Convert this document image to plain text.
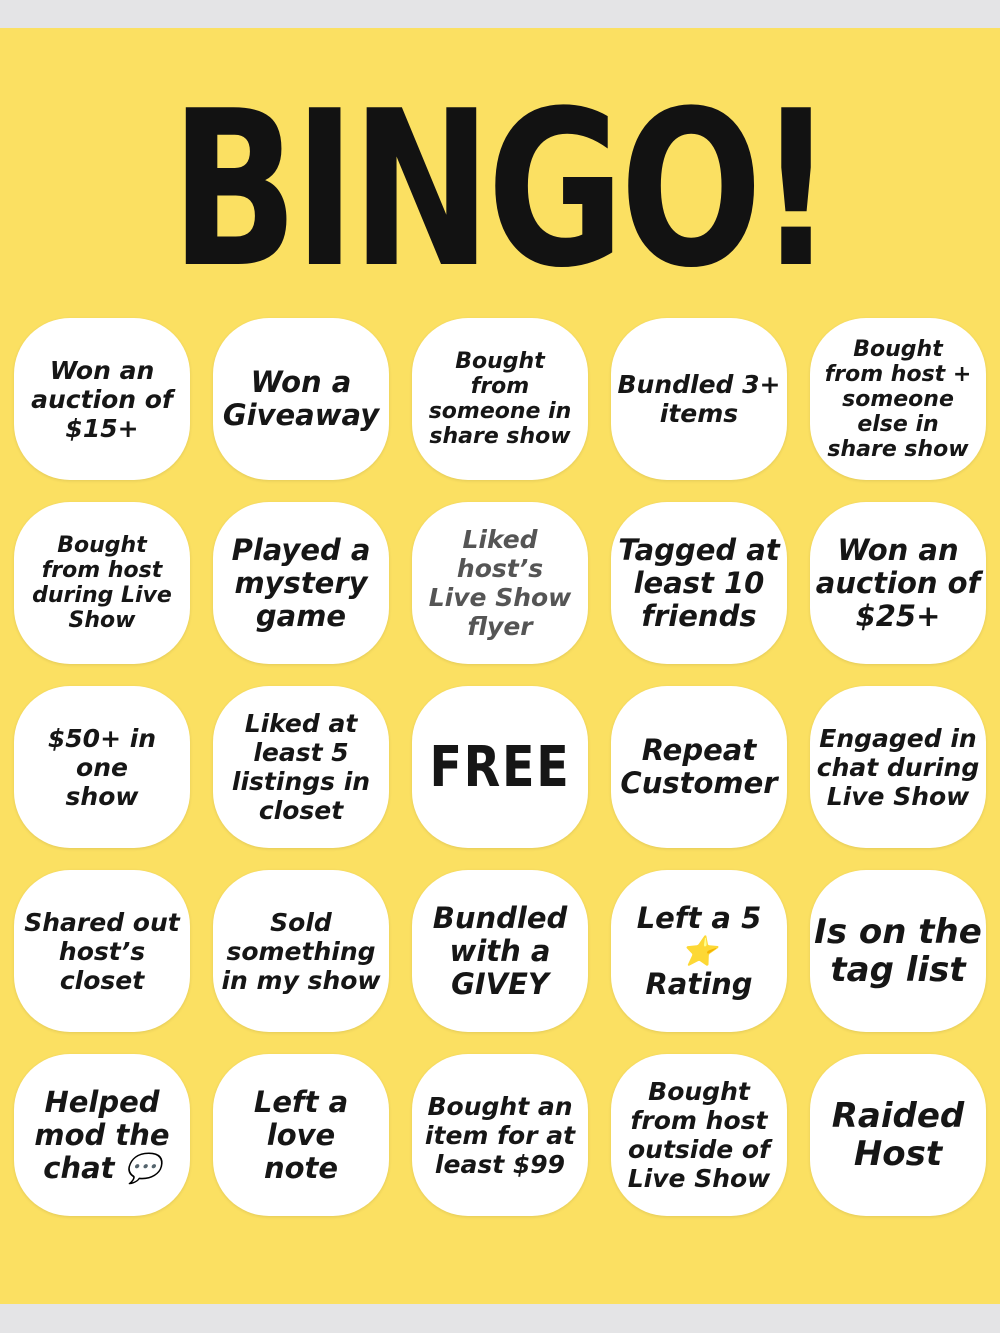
BINGO!
Won an
auction of
$15+
Won a
Giveaway
Bought
from
someone in
share show
Bundled 3+
items
Bought
from host +
someone
else in
share show
Bought
from host
during Live
Show
Played a
mystery
game
Liked host’s
Live Show
flyer
Tagged at
least 10
friends
Won an
auction of
$25+
$50+ in one
show
Liked at
least 5
listings in
closet
FREE	Repeat
Customer
Engaged in
chat during
Live Show
Shared out
host’s
closet
Sold
something
in my show
Bundled
with a
GIVEY
Left a 5 ⭐
Rating
Is on the
tag list
Helped
mod the
chat 💬
Left a love
note
Bought an
item for at
least $99
Bought
from host
outside of
Live Show
Raided
Host
